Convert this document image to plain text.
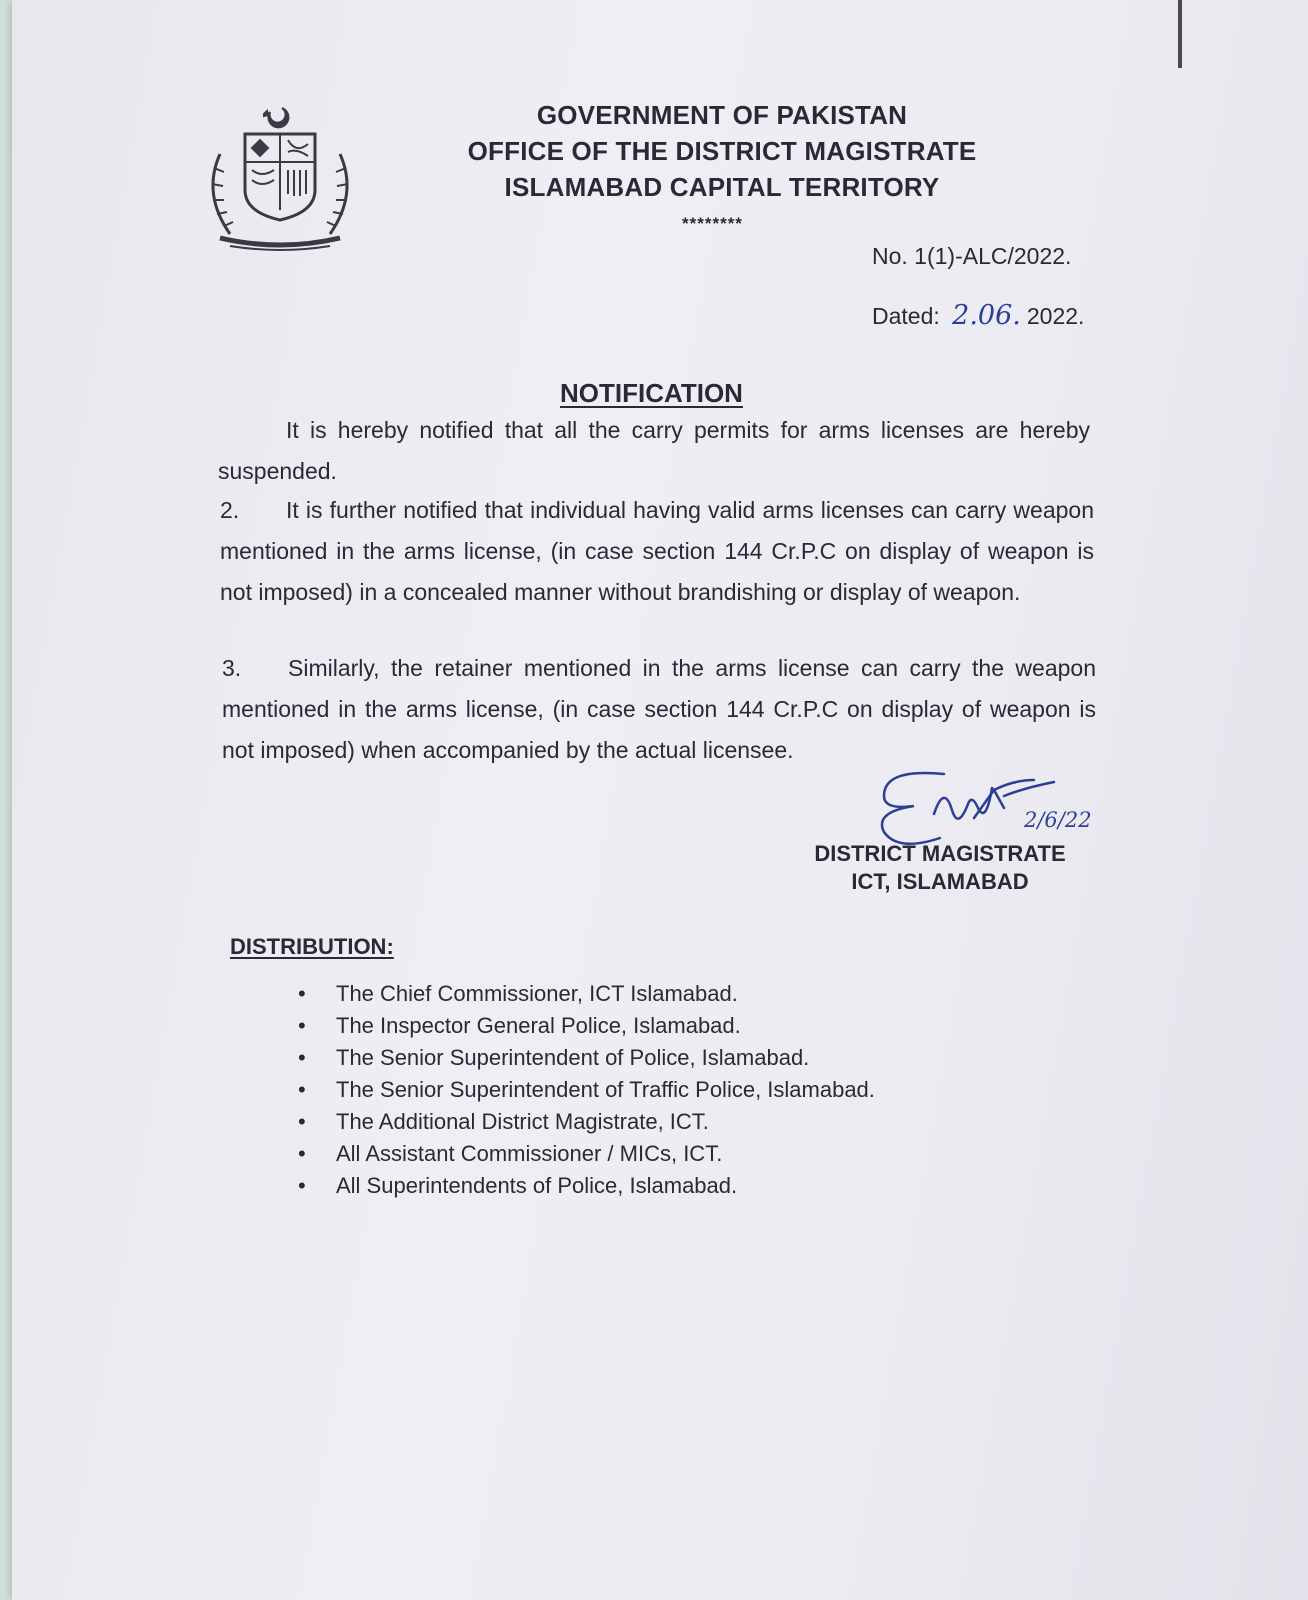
GOVERNMENT OF PAKISTAN
OFFICE OF THE DISTRICT MAGISTRATE
ISLAMABAD CAPITAL TERRITORY
********
No. 1(1)-ALC/2022.
Dated: 2.06. 2022.
NOTIFICATION
It is hereby notified that all the carry permits for arms licenses are hereby suspended.
2. It is further notified that individual having valid arms licenses can carry weapon mentioned in the arms license, (in case section 144 Cr.P.C on display of weapon is not imposed) in a concealed manner without brandishing or display of weapon.
3. Similarly, the retainer mentioned in the arms license can carry the weapon mentioned in the arms license, (in case section 144 Cr.P.C on display of weapon is not imposed) when accompanied by the actual licensee.
2/6/22
DISTRICT MAGISTRATE
ICT, ISLAMABAD
DISTRIBUTION:
• The Chief Commissioner, ICT Islamabad.
• The Inspector General Police, Islamabad.
• The Senior Superintendent of Police, Islamabad.
• The Senior Superintendent of Traffic Police, Islamabad.
• The Additional District Magistrate, ICT.
• All Assistant Commissioner / MICs, ICT.
• All Superintendents of Police, Islamabad.
